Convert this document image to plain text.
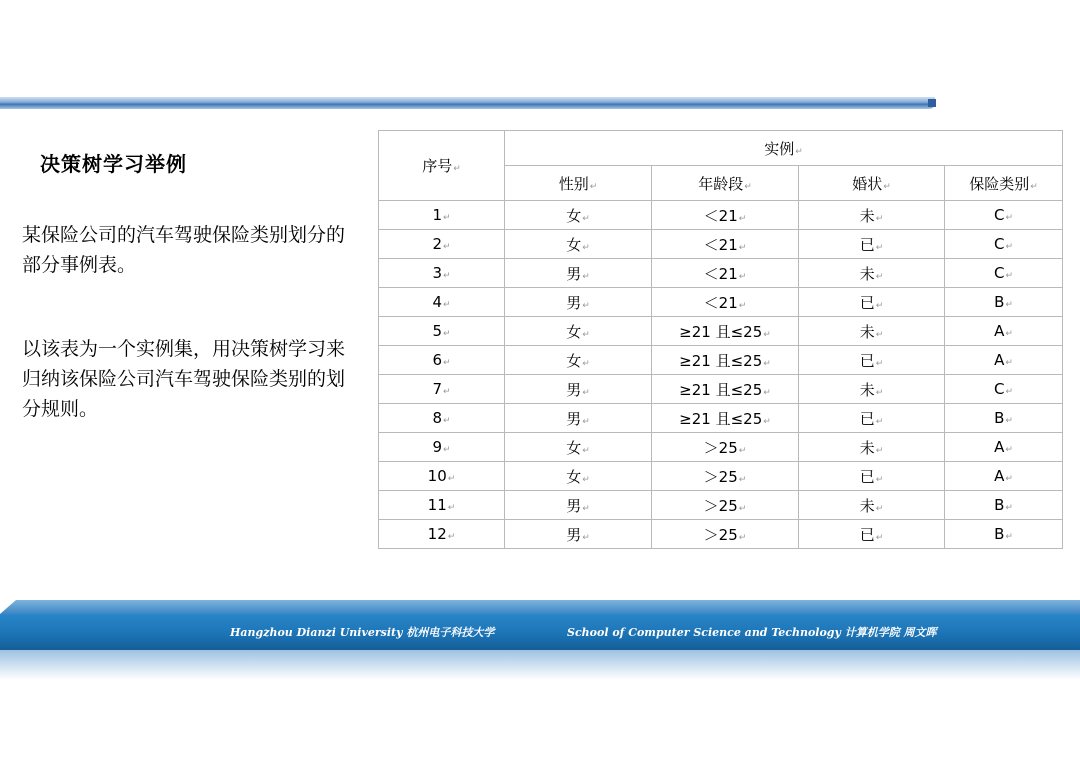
决策树学习举例
某保险公司的汽车驾驶保险类别划分的部分事例表。
以该表为一个实例集，用决策树学习来归纳该保险公司汽车驾驶保险类别的划分规则。
序号 ↵	实例 ↵
	性别 ↵	年龄段 ↵	婚状 ↵	保险类别 ↵
1 ↵	女 ↵	＜21 ↵	未 ↵	C ↵
2 ↵	女 ↵	＜21 ↵	已 ↵	C ↵
3 ↵	男 ↵	＜21 ↵	未 ↵	C ↵
4 ↵	男 ↵	＜21 ↵	已 ↵	B ↵
5 ↵	女 ↵	≥21 且≤25 ↵	未 ↵	A ↵
6 ↵	女 ↵	≥21 且≤25 ↵	已 ↵	A ↵
7 ↵	男 ↵	≥21 且≤25 ↵	未 ↵	C ↵
8 ↵	男 ↵	≥21 且≤25 ↵	已 ↵	B ↵
9 ↵	女 ↵	＞25 ↵	未 ↵	A ↵
10 ↵	女 ↵	＞25 ↵	已 ↵	A ↵
11 ↵	男 ↵	＞25 ↵	未 ↵	B ↵
12 ↵	男 ↵	＞25 ↵	已 ↵	B ↵
Hangzhou Dianzi University 杭州电子科技大学	School of Computer Science and Technology 计算机学院 周文晖
